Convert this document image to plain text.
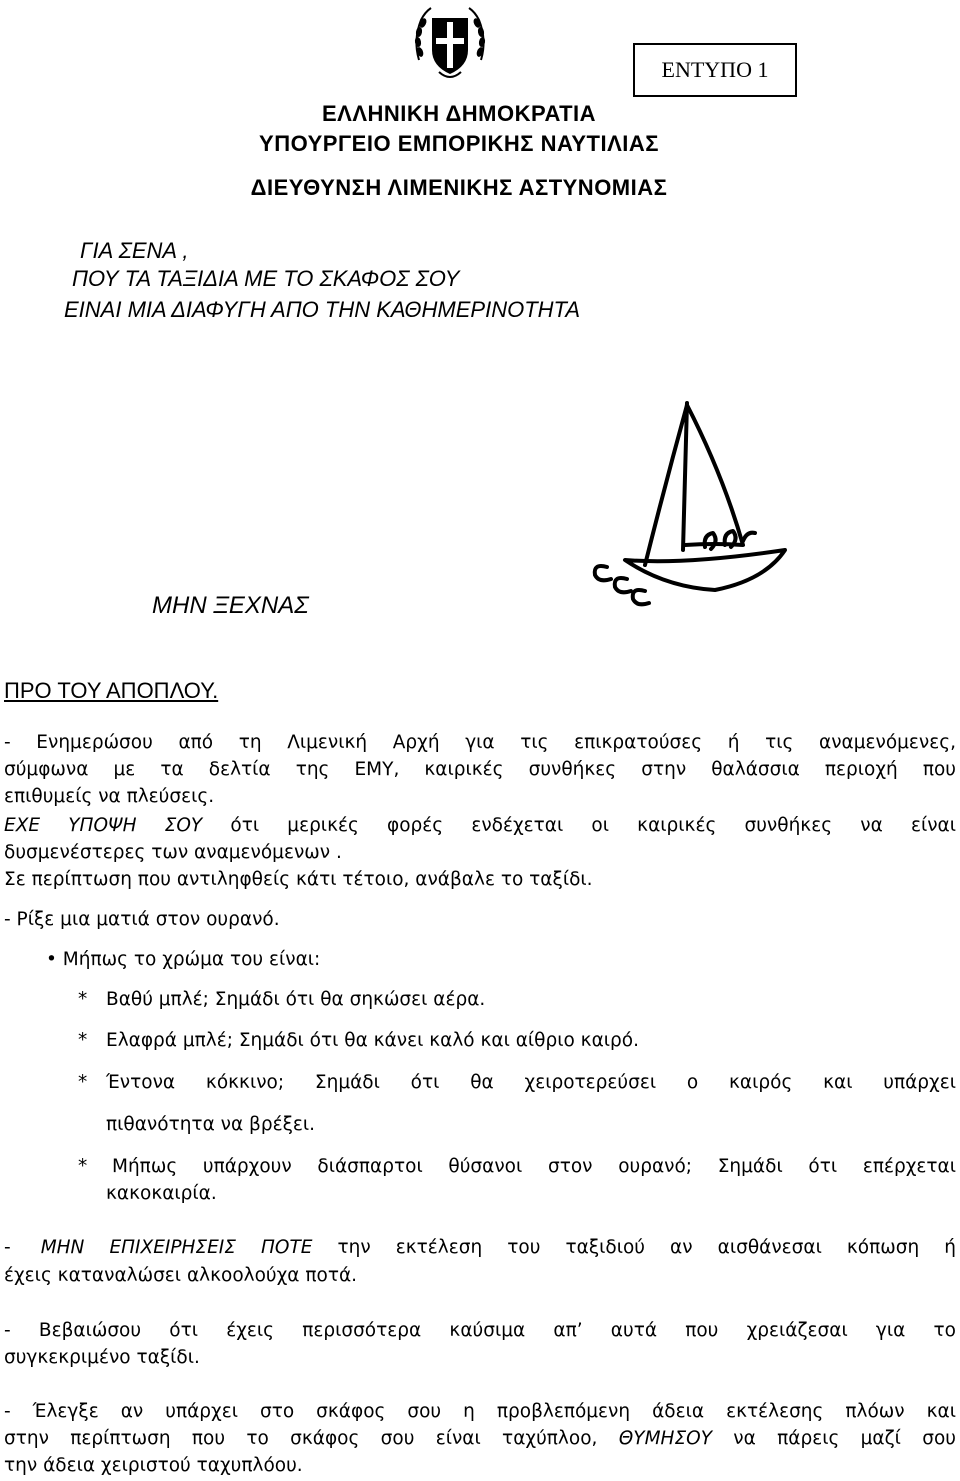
ΕΝΤΥΠΟ 1
ΕΛΛΗΝΙΚΗ ΔΗΜΟΚΡΑΤΙΑ
ΥΠΟΥΡΓΕΙΟ ΕΜΠΟΡΙΚΗΣ ΝΑΥΤΙΛΙΑΣ
ΔΙΕΥΘΥΝΣΗ ΛΙΜΕΝΙΚΗΣ ΑΣΤΥΝΟΜΙΑΣ
ΓΙΑ ΣΕΝΑ ,
ΠΟΥ ΤΑ ΤΑΞΙΔΙΑ ΜΕ ΤΟ ΣΚΑΦΟΣ ΣΟΥ
ΕΙΝΑΙ ΜΙΑ ΔΙΑΦΥΓΗ ΑΠΟ ΤΗΝ ΚΑΘΗΜΕΡΙΝΟΤΗΤΑ
ΜΗΝ ΞΕΧΝΑΣ
ΠΡΟ ΤΟΥ ΑΠΟΠΛΟΥ.
- Ενημερώσου από τη Λιμενική Αρχή για τις επικρατούσες ή τις αναμενόμενες,
σύμφωνα με τα δελτία της ΕΜΥ, καιρικές συνθήκες στην θαλάσσια περιοχή που
επιθυμείς να πλεύσεις.
ΕΧΕ ΥΠΟΨΗ ΣΟΥ ότι μερικές φορές ενδέχεται οι καιρικές συνθήκες να είναι
δυσμενέστερες των αναμενόμενων .
Σε περίπτωση που αντιληφθείς κάτι τέτοιο, ανάβαλε το ταξίδι.
- Ρίξε μια ματιά στον ουρανό.
• Μήπως το χρώμα του είναι:
* Βαθύ μπλέ; Σημάδι ότι θα σηκώσει αέρα.
* Ελαφρά μπλέ; Σημάδι ότι θα κάνει καλό και αίθριο καιρό.
* Έντονα κόκκινο; Σημάδι ότι θα χειροτερεύσει ο καιρός και υπάρχει
πιθανότητα να βρέξει.
* Μήπως υπάρχουν διάσπαρτοι θύσανοι στον ουρανό; Σημάδι ότι επέρχεται
κακοκαιρία.
- ΜΗΝ ΕΠΙΧΕΙΡΗΣΕΙΣ ΠΟΤΕ την εκτέλεση του ταξιδιού αν αισθάνεσαι κόπωση ή
έχεις καταναλώσει αλκοολούχα ποτά.
- Βεβαιώσου ότι έχεις περισσότερα καύσιμα απ’ αυτά που χρειάζεσαι για το
συγκεκριμένο ταξίδι.
- Έλεγξε αν υπάρχει στο σκάφος σου η προβλεπόμενη άδεια εκτέλεσης πλόων και
στην περίπτωση που το σκάφος σου είναι ταχύπλοο, ΘΥΜΗΣΟΥ να πάρεις μαζί σου
την άδεια χειριστού ταχυπλόου.
